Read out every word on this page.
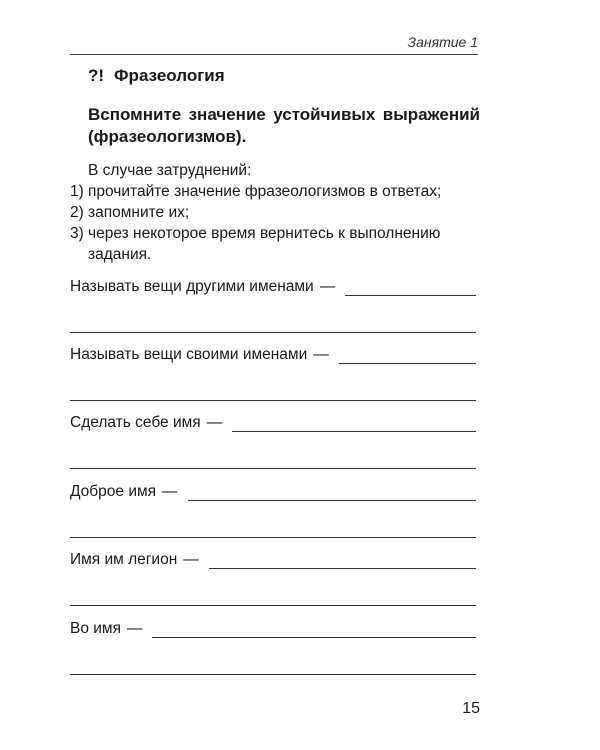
Занятие 1
?! Фразеология
Вспомните значение устойчивых выражений (фразеологизмов).
В случае затруднений:
1) прочитайте значение фразеологизмов в ответах;
2) запомните их;
3) через некоторое время вернитесь к выполнению задания.
Называть вещи другими именами —
Называть вещи своими именами —
Сделать себе имя —
Доброе имя —
Имя им легион —
Во имя —
15
